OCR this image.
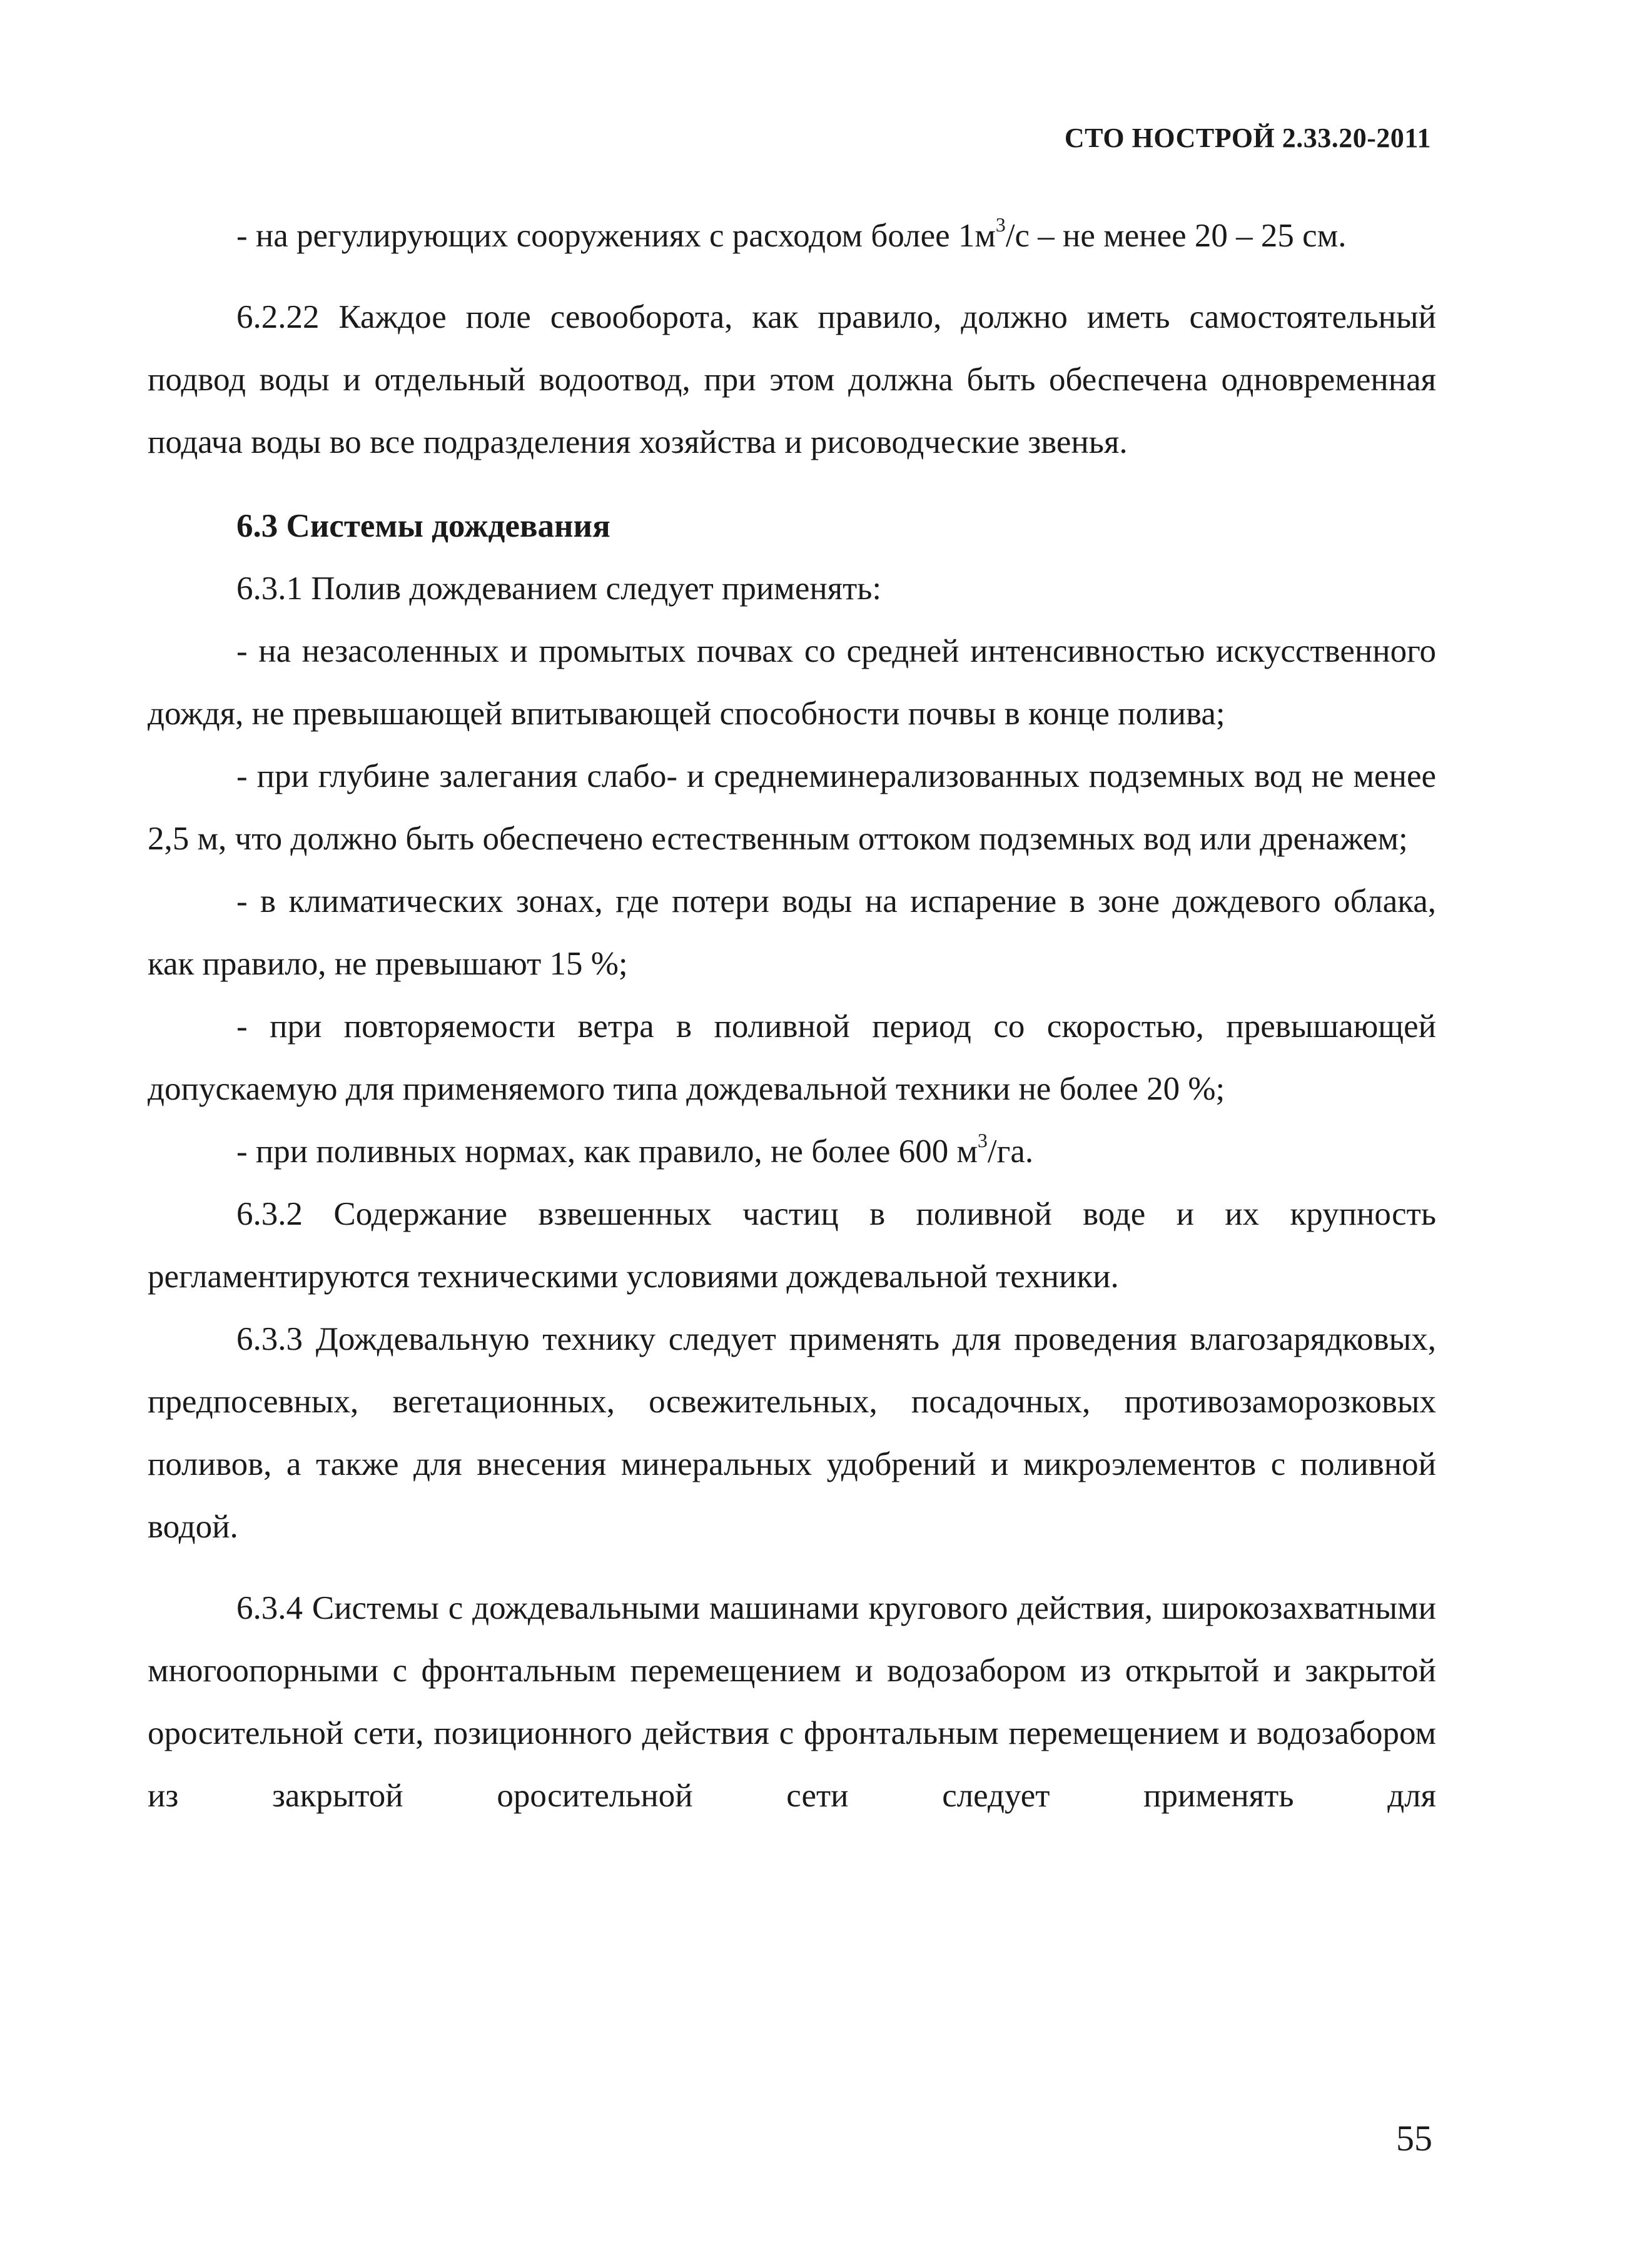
СТО НОСТРОЙ 2.33.20-2011

- на регулирующих сооружениях с расходом более $1м^3/с$ – не менее 20 – 25 см.

6.2.22 Каждое поле севооборота, как правило, должно иметь самостоятельный подвод воды и отдельный водоотвод, при этом должна быть обеспечена одновременная подача воды во все подразделения хозяйства и рисоводческие звенья.

6.3 Системы дождевания

6.3.1 Полив дождеванием следует применять:

- на незасоленных и промытых почвах со средней интенсивностью искусственного дождя, не превышающей впитывающей способности почвы в конце полива;

- при глубине залегания слабо- и среднеминерализованных подземных вод не менее 2,5 м, что должно быть обеспечено естественным оттоком подземных вод или дренажем;

- в климатических зонах, где потери воды на испарение в зоне дождевого облака, как правило, не превышают 15 %;

- при повторяемости ветра в поливной период со скоростью, превышающей допускаемую для применяемого типа дождевальной техники не более 20 %;

- при поливных нормах, как правило, не более 600 $м^3/га$.

6.3.2 Содержание взвешенных частиц в поливной воде и их крупность регламентируются техническими условиями дождевальной техники.

6.3.3 Дождевальную технику следует применять для проведения влагозарядковых, предпосевных, вегетационных, освежительных, посадочных, противозаморозковых поливов, а также для внесения минеральных удобрений и микроэлементов с поливной водой.

6.3.4 Системы с дождевальными машинами кругового действия, широкозахватными многоопорными с фронтальным перемещением и водозабором из открытой и закрытой оросительной сети, позиционного действия с фронтальным перемещением и водозабором из закрытой оросительной сети следует применять для

55
